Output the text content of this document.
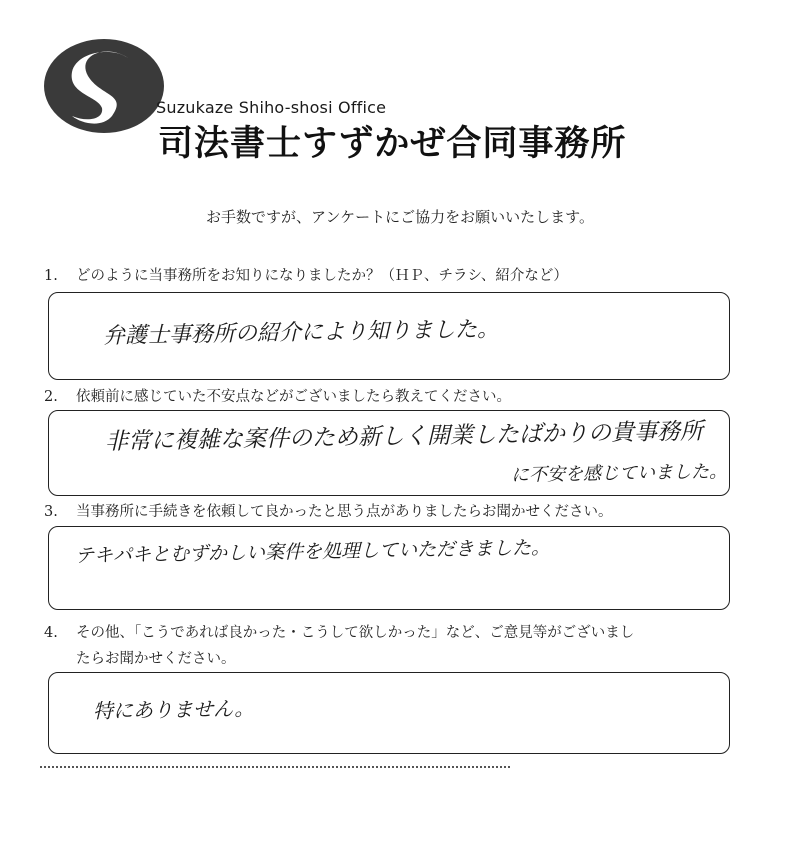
Suzukaze Shiho-shosi Office
司法書士すずかぜ合同事務所
お手数ですが、アンケートにご協力をお願いいたします。
1. どのように当事務所をお知りになりましたか？（ＨＰ、チラシ、紹介など）
弁護士事務所の紹介により知りました。
2. 依頼前に感じていた不安点などがございましたら教えてください。
非常に複雑な案件のため新しく開業したばかりの貴事務所
に不安を感じていました。
3. 当事務所に手続きを依頼して良かったと思う点がありましたらお聞かせください。
テキパキとむずかしい案件を処理していただきました。
4. その他、「こうであれば良かった・こうして欲しかった」など、ご意見等がございまし
たらお聞かせください。
特にありません。
